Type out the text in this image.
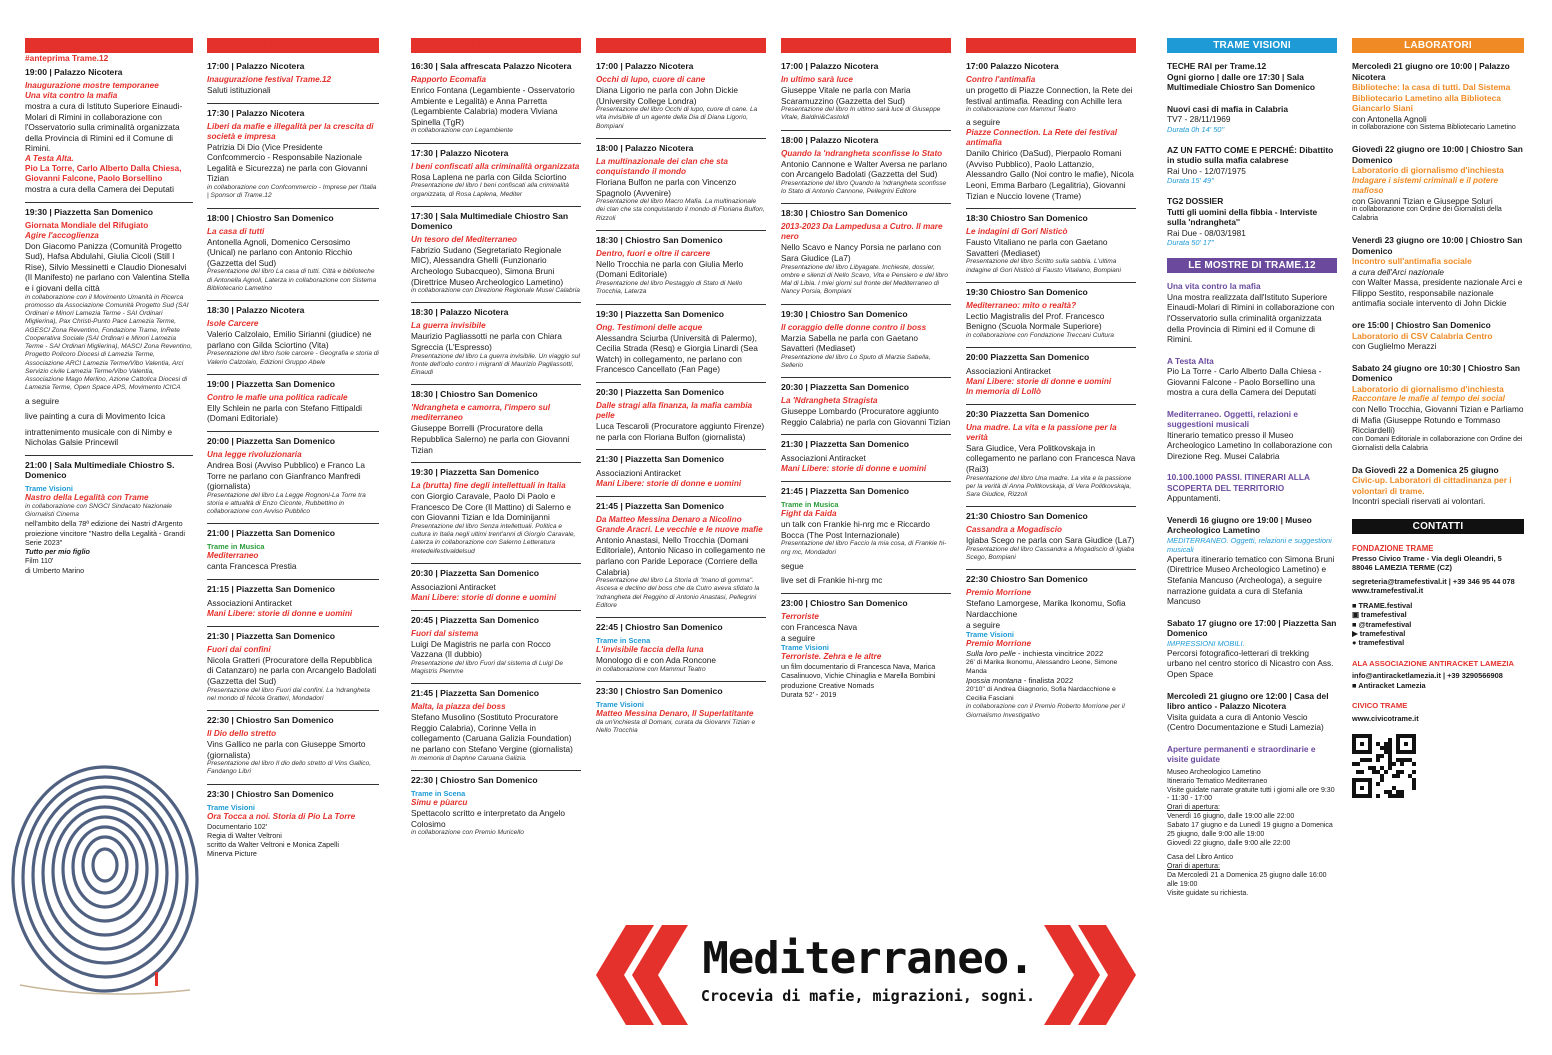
MARTEDÌ 20 GIUGNO 2023
#anteprima Trame.12
19:00 | Palazzo Nicotera
Inaugurazione mostre temporanee
Una vita contro la mafia
mostra a cura di Istituto Superiore Einaudi-Molari di Rimini in collaborazione con l'Osservatorio sulla criminalità organizzata della Provincia di Rimini ed il Comune di Rimini.
A Testa Alta.
Pio La Torre, Carlo Alberto Dalla Chiesa, Giovanni Falcone, Paolo Borsellino
mostra a cura della Camera dei Deputati
19:30 | Piazzetta San Domenico
Giornata Mondiale del Rifugiato
Agire l'accoglienza
Don Giacomo Panizza (Comunità Progetto Sud), Hafsa Abdulahi, Giulia Cicoli (Still I Rise), Silvio Messinetti e Claudio Dionesalvi (Il Manifesto) ne parlano con Valentina Stella e i giovani della città
in collaborazione con il Movimento Umanità in Ricerca promosso da Associazione Comunità Progetto Sud (SAI Ordinari e Minori Lamezia Terme - SAI Ordinari Miglierina), Pax Christi-Punto Pace Lamezia Terme, AGESCI Zona Reventino, Fondazione Trame, InRete Cooperativa Sociale (SAI Ordinari e Minori Lamezia Terme - SAI Ordinari Miglierina), MASCI Zona Reventino, Progetto Policoro Diocesi di Lamezia Terme, Associazione ARCI Lamezia Terme/Vibo Valentia, Arci Servizio civile Lamezia Terme/Vibo Valentia, Associazione Mago Merlino, Azione Cattolica Diocesi di Lamezia Terme, Open Space APS, Movimento ICICA
a seguire
live painting a cura di Movimento Icica
intrattenimento musicale con di Nimby e Nicholas Galsie Princewil
21:00 | Sala Multimediale Chiostro S. Domenico
Trame Visioni
Nastro della Legalità con Trame
in collaborazione con SNGCI Sindacato Nazionale Giornalisti Cinema
nell'ambito della 78ª edizione dei Nastri d'Argento
proiezione vincitore "Nastro della Legalità - Grandi Serie 2023"
Tutto per mio figlio
Film 110'
di Umberto Marino
MERCOLEDÌ 21 GIUGNO 2023
17:00 | Palazzo Nicotera
Inaugurazione festival Trame.12
Saluti istituzionali
17:30 | Palazzo Nicotera
Liberi da mafie e illegalità per la crescita di società e impresa
Patrizia Di Dio (Vice Presidente Confcommercio - Responsabile Nazionale Legalità e Sicurezza) ne parla con Giovanni Tizian
in collaborazione con Confcommercio - Imprese per l'Italia | Sponsor di Trame.12
18:00 | Chiostro San Domenico
La casa di tutti
Antonella Agnoli, Domenico Cersosimo (Unical) ne parlano con Antonio Ricchio (Gazzetta del Sud)
Presentazione del libro La casa di tutti. Città e biblioteche di Antonella Agnoli, Laterza in collaborazione con Sistema Bibliotecario Lametino
18:30 | Palazzo Nicotera
Isole Carcere
Valerio Calzolaio, Emilio Sirianni (giudice) ne parlano con Gilda Sciortino (Vita)
Presentazione del libro Isole carcere - Geografia e storia di Valerio Calzolaio, Edizioni Gruppo Abele
19:00 | Piazzetta San Domenico
Contro le mafie una politica radicale
Elly Schlein ne parla con Stefano Fittipaldi (Domani Editoriale)
20:00 | Piazzetta San Domenico
Una legge rivoluzionaria
Andrea Bosi (Avviso Pubblico) e Franco La Torre ne parlano con Gianfranco Manfredi (giornalista)
Presentazione del libro La Legge Rognoni-La Torre tra storia e attualità di Enzo Ciconte, Rubbettino in collaborazione con Avviso Pubblico
21:00 | Piazzetta San Domenico
Trame in Musica
Mediterraneo
canta Francesca Prestia
21:15 | Piazzetta San Domenico
Associazioni Antiracket
Mani Libere: storie di donne e uomini
21:30 | Piazzetta San Domenico
Fuori dai confini
Nicola Gratteri (Procuratore della Repubblica di Catanzaro) ne parla con Arcangelo Badolati (Gazzetta del Sud)
Presentazione del libro Fuori dai confini. La 'ndrangheta nel mondo di Nicola Gratteri, Mondadori
22:30 | Chiostro San Domenico
Il Dio dello stretto
Vins Gallico ne parla con Giuseppe Smorto (giornalista)
Presentazione del libro Il dio dello stretto di Vins Gallico, Fandango Libri
23:30 | Chiostro San Domenico
Trame Visioni
Ora Tocca a noi. Storia di Pio La Torre
Documentario 102'
Regia di Walter Veltroni
scritto da Walter Veltroni e Monica Zapelli
Minerva Picture
GIOVEDÌ 22 GIUGNO 2023
16:30 | Sala affrescata Palazzo Nicotera
Rapporto Ecomafia
Enrico Fontana (Legambiente - Osservatorio Ambiente e Legalità) e Anna Parretta (Legambiente Calabria) modera Viviana Spinella (TgR)
in collaborazione con Legambiente
17:30 | Palazzo Nicotera
I beni confiscati alla criminalità organizzata
Rosa Laplena ne parla con Gilda Sciortino
Presentazione del libro I beni confiscati alla criminalità organizzata, di Rosa Laplena, Mediter
17:30 | Sala Multimediale Chiostro San Domenico
Un tesoro del Mediterraneo
Fabrizio Sudano (Segretariato Regionale MIC), Alessandra Ghelli (Funzionario Archeologo Subacqueo), Simona Bruni (Direttrice Museo Archeologico Lametino)
in collaborazione con Direzione Regionale Musei Calabria
18:30 | Palazzo Nicotera
La guerra invisibile
Maurizio Pagliassotti ne parla con Chiara Sgreccia (L'Espresso)
Presentazione del libro La guerra invisibile. Un viaggio sul fronte dell'odio contro i migranti di Maurizio Pagliassotti, Einaudi
18:30 | Chiostro San Domenico
'Ndrangheta e camorra, l'impero sul mediterraneo
Giuseppe Borrelli (Procuratore della Repubblica Salerno) ne parla con Giovanni Tizian
19:30 | Piazzetta San Domenico
La (brutta) fine degli intellettuali in Italia
con Giorgio Caravale, Paolo Di Paolo e Francesco De Core (Il Mattino) di Salerno e con Giovanni Tizian e Ida Dominijanni
Presentazione del libro Senza intellettuali. Politica e cultura in Italia negli ultimi trent'anni di Giorgio Caravale, Laterza in collaborazione con Salerno Letteratura #retedeifestivaldelsud
20:30 | Piazzetta San Domenico
Associazioni Antiracket
Mani Libere: storie di donne e uomini
20:45 | Piazzetta San Domenico
Fuori dal sistema
Luigi De Magistris ne parla con Rocco Vazzana (Il dubbio)
Presentazione del libro Fuori dal sistema di Luigi De Magistris Piemme
21:45 | Piazzetta San Domenico
Malta, la piazza dei boss
Stefano Musolino (Sostituto Procuratore Reggio Calabria), Corinne Vella in collegamento (Caruana Galizia Foundation) ne parlano con Stefano Vergine (giornalista)
In memoria di Daphne Caruana Galizia.
22:30 | Chiostro San Domenico
Trame in Scena
Simu e pùarcu
Spettacolo scritto e interpretato da Angelo Colosimo
in collaborazione con Premio Muricello
VENERDÌ 23 GIUGNO 2023
17:00 | Palazzo Nicotera
Occhi di lupo, cuore di cane
Diana Ligorio ne parla con John Dickie (University College Londra)
Presentazione del libro Occhi di lupo, cuore di cane. La vita invisibile di un agente della Dia di Diana Ligorio, Bompiani
18:00 | Palazzo Nicotera
La multinazionale dei clan che sta conquistando il mondo
Floriana Bulfon ne parla con Vincenzo Spagnolo (Avvenire)
Presentazione del libro Macro Mafia. La multinazionale dei clan che sta conquistando il mondo di Floriana Bulfon, Rizzoli
18:30 | Chiostro San Domenico
Dentro, fuori e oltre il carcere
Nello Trocchia ne parla con Giulia Merlo (Domani Editoriale)
Presentazione del libro Pestaggio di Stato di Nello Trocchia, Laterza
19:30 | Piazzetta San Domenico
Ong. Testimoni delle acque
Alessandra Sciurba (Università di Palermo), Cecilia Strada (Resq) e Giorgia Linardi (Sea Watch) in collegamento, ne parlano con Francesco Cancellato (Fan Page)
20:30 | Piazzetta San Domenico
Dalle stragi alla finanza, la mafia cambia pelle
Luca Tescaroli (Procuratore aggiunto Firenze) ne parla con Floriana Bulfon (giornalista)
21:30 | Piazzetta San Domenico
Associazioni Antiracket
Mani Libere: storie di donne e uomini
21:45 | Piazzetta San Domenico
Da Matteo Messina Denaro a Nicolino Grande Aracri. Le vecchie e le nuove mafie
Antonio Anastasi, Nello Trocchia (Domani Editoriale), Antonio Nicaso in collegamento ne parlano con Paride Leporace (Corriere della Calabria)
Presentazione del libro La Storia di "mano di gomma". Ascesa e declino del boss che da Cutro aveva sfidato la 'ndrangheta del Reggino di Antonio Anastasi, Pellegrini Editore
22:45 | Chiostro San Domenico
Trame in Scena
L'invisibile faccia della luna
Monologo di e con Ada Roncone
in collaborazione con Mammut Teatro
23:30 | Chiostro San Domenico
Trame Visioni
Matteo Messina Denaro, Il Superlatitante
da un'inchiesta di Domani, curata da Giovanni Tizian e Nello Trocchia
SABATO 24 GIUGNO 2023
17:00 | Palazzo Nicotera
In ultimo sarà luce
Giuseppe Vitale ne parla con Maria Scaramuzzino (Gazzetta del Sud)
Presentazione del libro In ultimo sarà luce di Giuseppe Vitale, Baldini&Castoldi
18:00 | Palazzo Nicotera
Quando la 'ndrangheta sconfisse lo Stato
Antonio Cannone e Walter Aversa ne parlano con Arcangelo Badolati (Gazzetta del Sud)
Presentazione del libro Quando la 'ndrangheta sconfisse lo Stato di Antonio Cannone, Pellegrini Editore
18:30 | Chiostro San Domenico
2013-2023 Da Lampedusa a Cutro. Il mare nero
Nello Scavo e Nancy Porsia ne parlano con Sara Giudice (La7)
Presentazione del libro Libyagate. Inchieste, dossier, ombre e silenzi di Nello Scavo, Vita e Pensiero e del libro Mal di Libia. I miei giorni sul fronte del Mediterraneo di Nancy Porsia, Bompiani
19:30 | Chiostro San Domenico
Il coraggio delle donne contro il boss
Marzia Sabella ne parla con Gaetano Savatteri (Mediaset)
Presentazione del libro Lo Sputo di Marzia Sabella, Sellerio
20:30 | Piazzetta San Domenico
La 'Ndrangheta Stragista
Giuseppe Lombardo (Procuratore aggiunto Reggio Calabria) ne parla con Giovanni Tizian
21:30 | Piazzetta San Domenico
Associazioni Antiracket
Mani Libere: storie di donne e uomini
21:45 | Piazzetta San Domenico
Trame in Musica
Fight da Faida
un talk con Frankie hi-nrg mc e Riccardo Bocca (The Post Internazionale)
Presentazione del libro Faccio la mia cosa, di Frankie hi-nrg mc, Mondadori
segue
live set di Frankie hi-nrg mc
23:00 | Chiostro San Domenico
Terroriste
con Francesca Nava
a seguire
Trame Visioni
Terroriste. Zehra e le altre
un film documentario di Francesca Nava, Marica Casalinuovo, Vichie Chinaglia e Marella Bombini
produzione Creative Nomads
Durata 52' - 2019
DOMENICA 25 GIUGNO 2023
17:00 Palazzo Nicotera
Contro l'antimafia
un progetto di Piazze Connection, la Rete dei festival antimafia. Reading con Achille Iera
in collaborazione con Mammut Teatro
a seguire
Piazze Connection. La Rete dei festival antimafia
Danilo Chirico (DaSud), Pierpaolo Romani (Avviso Pubblico), Paolo Lattanzio, Alessandro Gallo (Noi contro le mafie), Nicola Leoni, Emma Barbaro (Legalitria), Giovanni Tizian e Nuccio Iovene (Trame)
18:30 Chiostro San Domenico
Le indagini di Gori Nisticò
Fausto Vitaliano ne parla con Gaetano Savatteri (Mediaset)
Presentazione del libro Scritto sulla sabbia. L'ultima indagine di Gori Nisticò di Fausto Vitaliano, Bompiani
19:30 Chiostro San Domenico
Mediterraneo: mito o realtà?
Lectio Magistralis del Prof. Francesco Benigno (Scuola Normale Superiore)
in collaborazione con Fondazione Treccani Cultura
20:00 Piazzetta San Domenico
Associazioni Antiracket
Mani Libere: storie di donne e uomini
In memoria di Lollò
20:30 Piazzetta San Domenico
Una madre. La vita e la passione per la verità
Sara Giudice, Vera Politkovskaja in collegamento ne parlano con Francesca Nava (Rai3)
Presentazione del libro Una madre. La vita e la passione per la verità di Anna Politkovskaja, di Vera Politkovskaja, Sara Giudice, Rizzoli
21:30 Chiostro San Domenico
Cassandra a Mogadiscio
Igiaba Scego ne parla con Sara Giudice (La7)
Presentazione del libro Cassandra a Mogadiscio di Igiaba Scego, Bompiani
22:30 Chiostro San Domenico
Premio Morrione
Stefano Lamorgese, Marika Ikonomu, Sofia Nardacchione
a seguire
Trame Visioni
Premio Morrione
Sulla loro pelle - inchiesta vincitrice 2022
26' di Marika Ikonomu, Alessandro Leone, Simone Manda
Ipossia montana - finalista 2022
20'10'' di Andrea Giagnorio, Sofia Nardacchione e Cecilia Fasciani
in collaborazione con il Premio Roberto Morrione per il Giornalismo Investigativo
TRAME VISIONI
TECHE RAI per Trame.12
Ogni giorno | dalle ore 17:30 | Sala Multimediale Chiostro San Domenico
Nuovi casi di mafia in Calabria
TV7 - 28/11/1969
Durata 0h 14' 50''
AZ UN FATTO COME E PERCHÉ: Dibattito in studio sulla mafia calabrese
Rai Uno - 12/07/1975
Durata 15' 49''
TG2 DOSSIER
Tutti gli uomini della fibbia - Interviste sulla 'ndrangheta''
Rai Due - 08/03/1981
Durata 50' 17''
LE MOSTRE DI TRAME.12
Una vita contro la mafia
Una mostra realizzata dall'Istituto Superiore Einaudi-Molari di Rimini in collaborazione con l'Osservatorio sulla criminalità organizzata della Provincia di Rimini ed il Comune di Rimini.
A Testa Alta
Pio La Torre - Carlo Alberto Dalla Chiesa - Giovanni Falcone - Paolo Borsellino una mostra a cura della Camera dei Deputati
Mediterraneo. Oggetti, relazioni e suggestioni musicali
Itinerario tematico presso il Museo Archeologico Lametino In collaborazione con Direzione Reg. Musei Calabria
10.100.1000 PASSI. ITINERARI ALLA SCOPERTA DEL TERRITORIO
Appuntamenti.
Venerdì 16 giugno ore 19:00 | Museo Archeologico Lametino
MEDITERRANEO. Oggetti, relazioni e suggestioni musicali
Apertura itinerario tematico con Simona Bruni (Direttrice Museo Archeologico Lametino) e Stefania Mancuso (Archeologa), a seguire narrazione guidata a cura di Stefania Mancuso
Sabato 17 giugno ore 17:00 | Piazzetta San Domenico
IMPRESSIONI MOBILI.
Percorsi fotografico-letterari di trekking urbano nel centro storico di Nicastro con Ass. Open Space
Mercoledì 21 giugno ore 12:00 | Casa del libro antico - Palazzo Nicotera
Visita guidata a cura di Antonio Vescio (Centro Documentazione e Studi Lamezia)
Aperture permanenti e straordinarie e visite guidate
Museo Archeologico Lametino
Itinerario Tematico Mediterraneo
Visite guidate narrate gratuite tutti i giorni alle ore 9:30 - 11:30 - 17:00
Orari di apertura:
Venerdì 16 giugno, dalle 19:00 alle 22:00
Sabato 17 giugno e da Lunedì 19 giugno a Domenica 25 giugno, dalle 9:00 alle 19:00
Giovedì 22 giugno, dalle 9:00 alle 22:00
Casa del Libro Antico
Orari di apertura:
Da Mercoledì 21 a Domenica 25 giugno dalle 16:00 alle 19:00
Visite guidate su richiesta.
LABORATORI
Mercoledì 21 giugno ore 10:00 | Palazzo Nicotera
Biblioteche: la casa di tutti. Dal Sistema Bibliotecario Lametino alla Biblioteca Giancarlo Siani
con Antonella Agnoli
in collaborazione con Sistema Bibliotecario Lametino
Giovedì 22 giugno ore 10:00 | Chiostro San Domenico
Laboratorio di giornalismo d'inchiesta
Indagare i sistemi criminali e il potere mafioso
con Giovanni Tizian e Giuseppe Soluri
in collaborazione con Ordine dei Giornalisti della Calabria
Venerdì 23 giugno ore 10:00 | Chiostro San Domenico
Incontro sull'antimafia sociale
a cura dell'Arci nazionale
con Walter Massa, presidente nazionale Arci e Filippo Sestito, responsabile nazionale antimafia sociale intervento di John Dickie
ore 15:00 | Chiostro San Domenico
Laboratorio di CSV Calabria Centro
con Guglielmo Merazzi
Sabato 24 giugno ore 10:30 | Chiostro San Domenico
Laboratorio di giornalismo d'inchiesta
Raccontare le mafie al tempo dei social
con Nello Trocchia, Giovanni Tizian e Parliamo di Mafia (Giuseppe Rotundo e Tommaso Ricciardelli)
con Domani Editoriale in collaborazione con Ordine dei Giornalisti della Calabria
Da Giovedì 22 a Domenica 25 giugno
Civic-up. Laboratori di cittadinanza per i volontari di trame.
Incontri speciali riservati ai volontari.
CONTATTI
FONDAZIONE TRAME
Presso Civico Trame - Via degli Oleandri, 5
88046 LAMEZIA TERME (CZ)
segreteria@tramefestival.it | +39 346 95 44 078
www.tramefestival.it
■ TRAME.festival
▣ tramefestival
■ @tramefestival
▶ tramefestival
● tramefestival
ALA ASSOCIAZIONE ANTIRACKET LAMEZIA
info@antiracketlamezia.it | +39 3290566908
■ Antiracket Lamezia
CIVICO TRAME
www.civicotrame.it
Mediterraneo.
Crocevia di mafie, migrazioni, sogni.
